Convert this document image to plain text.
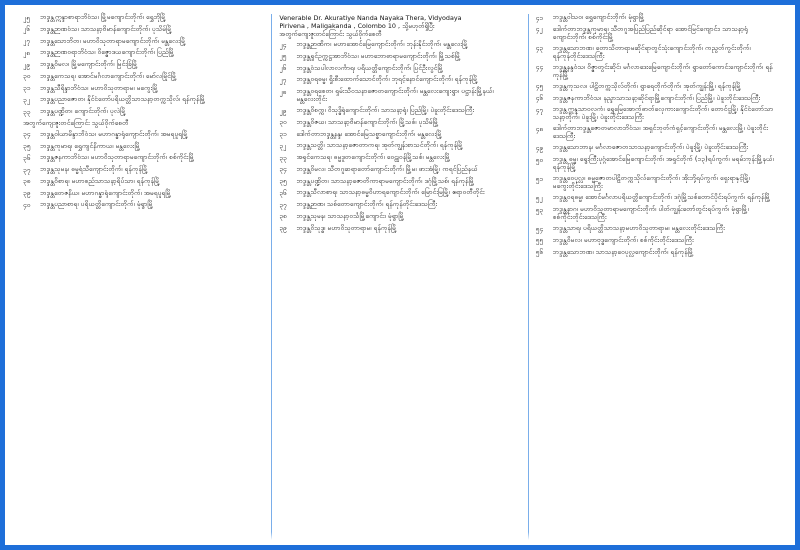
၂၅	ဘဒ္ဒန္တဣန္ဒာစာရာဘိဝံသ၊ မြို့မကျောင်းတိုက်၊ ရွှေဘိုမြို့
၂၆	ဘဒ္ဒန္တဉာဏဝံသ၊ သာသနာ့ဗိမာန်ကျောင်းတိုက်၊ ပုသိမ်မြို့
၂၇	ဘဒ္ဒန္တသောဘိတ၊ မဟာဝိသုတာရာမကျောင်းတိုက်၊ မန္တလေးမြို့
၂၈	ဘဒ္ဒန္တဉာဏဝရာဘိဝံသ၊ ဝိဇ္ဇောဒယကျောင်းတိုက်၊ ပြည်မြို့
၂၉	ဘဒ္ဒန္တဝိမလ၊ မြို့မကျောင်းတိုက်၊ မြင်းခြံမြို့
၃၀	ဘဒ္ဒန္တကေသရ၊ အောင်မင်္ဂလာကျောင်းတိုက်၊ မော်လမြိုင်မြို့
၃၁	ဘဒ္ဒန္တသီရိန္ဒာဘိဝံသ၊ မဟာဝိသုတာရာမ၊ မကွေးမြို့
၃၂	ဘဒ္ဒန္တပညာဇောတ၊ နိုင်ငံတော်ပရိယတ္တိသာသနာ့တက္ကသိုလ်၊ ရန်ကုန်မြို့
၃၃	ဘဒ္ဒန္တပဏ္ဍိတ၊ ကျောင်းတိုက်၊ ပုလဲမြို့
အတွက်ကျေးဇူးတင်ကြောင်း သွယ်ဝိုက်စေတီ
၃၄	ဘဒ္ဒန္တဝါယာမိန္ဒာဘိဝံသ၊ မဟာဂန္ဓာရုံကျောင်းတိုက်၊ အမရပူရမြို့
၃၅	ဘဒ္ဒန္တကုမာရ၊ ရွှေကျင်နိကာယ၊ မန္တလေးမြို့
၃၆	ဘဒ္ဒန္တဇနကာဘိဝံသ၊ မဟာဝိသုတာရာမကျောင်းတိုက်၊ စစ်ကိုင်းမြို့
၃၇	ဘဒ္ဒန္တသုမန၊ ဓမ္မရံသီကျောင်းတိုက်၊ ရန်ကုန်မြို့
၃၈	ဘဒ္ဒန္တဝိစာရ၊ မဟာစည်သာသနာ့ရိပ်သာ၊ ရန်ကုန်မြို့
၃၉	ဘဒ္ဒန္တတေဇနိယ၊ မဟာဂန္ဓာရုံကျောင်းတိုက်၊ အမရပူရမြို့
၄၀	ဘဒ္ဒန္တပညာစာရ၊ ပရိယတ္တိကျောင်းတိုက်၊ မုံရွာမြို့
Venerable Dr. Akuratiye Nanda Nayaka Thera, Vidyodaya
Pirivena , Maligakanda , Colombo 10 , သို့မဟုတ်ရှိပြီး
အတွက်ကျေးဇူးတင်ကြောင်း သွယ်ဝိုက်စေတီ
၂၄	ဘဒ္ဒန္တဉာဏိက၊ မဟာအောင်မြေကျောင်းတိုက်၊ ဘုန်းနိုင်းတိုက်၊ မန္တလေးမြို့
၂၅	ဘဒ္ဒန္တရှင်ဥက္ကဋ္ဌအာဘိဝံသ၊ မဟာဘောဓာရာမကျောင်းတိုက်၊ မြို့သစ်မြို့
၂၆	ဘဒ္ဒန္တဝံသပါလာလင်္ကာရ၊ ပရိယတ္တိကျောင်းတိုက်၊ ပြင်ဦးလွင်မြို့
၂၇	ဘဒ္ဒန္တဝရဓမ္မ၊ ရှိုးစီးထောက်သောင်တိုက်၊ ဘုရင့်နောင်ကျောင်းတိုက်၊ ရန်ကုန်မြို့
၂၈	ဘဒ္ဒန္တဝရစေတ၊ ရှမ်းသီဝသနာဇောတကျောင်းတိုက်၊ မန္တလေးကျေးရွာ၊ ပဋ္ဌာန်းမြို့နယ်၊ မန္တလေးတိုင်း
၂၉	ဘဒ္ဒန္တဝိစက္က၊ ဝိသုဒ္ဓိရုံကျောင်းတိုက်၊ သာသနာ့ရုံ၊ ပြည်မြို့၊ ပဲခူးတိုင်းဒေသကြီး
၃၀	ဘဒ္ဒန္တဝိဇယ၊ သာသနာ့ဗိမာန်ကျောင်းတိုက်၊ မြို့သစ်၊ ပုသိမ်မြို့
၃၁	ဒေါက်တာဘဒ္ဒန္တနန္ဒ၊ အောင်မြေသစ္စာကျောင်းတိုက်၊ မန္တလေးမြို့
၃၂	ဘဒ္ဒန္တသတ္တိ၊ သာသနာ့ဇောတာကရ၊ အုတ်ကျွန်းစာသင်တိုက်၊ ရန်ကုန်မြို့
၃၃	အရှင်ကေသရ၊ ဓမ္မဒူတကျောင်းတိုက်၊ ဝေဠုဝန်မြို့သစ်၊ မန္တလေးမြို့
၃၄	ဘဒ္ဒန္တဝိမလ၊ သီတဂူဆရာတော်ကျောင်းတိုက်၊ မြို့မ၊ ဖားအံမြို့၊ ကရင်ပြည်နယ်
၃၅	ဘဒ္ဒန္တပဏ္ဍိတ၊ သာသနာ့ဇောတိကာရာမကျောင်းတိုက်၊ ဒဂုံမြို့သစ်၊ ရန်ကုန်မြို့
၃၆	ဘဒ္ဒန္တသီလာစာရ၊ သာသနာ့ဓမ္မဝိဟာရကျောင်းတိုက်၊ မြောင်းမြမြို့၊ ဧရာဝတီတိုင်း
၃၇	ဘဒ္ဒန္တဉာဏ၊ သစ်တောကျောင်းတိုက်၊ ရန်ကုန်တိုင်းဒေသကြီး
၃၈	ဘဒ္ဒန္တသုမန၊ သာသနာ့ဝင်္သမြို့ကျောင်း၊ မုံရွာမြို့
၃၉	ဘဒ္ဒန္တဝိသုဒ္ဓ၊ မဟာဝိသုတာရာမ၊ ရန်ကုန်မြို့
၄၁	ဘဒ္ဒန္တဝါသဝ၊ ရွှေကျောင်းတိုက်၊ မုံရွာမြို့
၄၂	ဒေါက်တာဘဒ္ဒန္တကုမာရ၊ သီတဂူအပြည်ပြည်ဆိုင်ရာ အောင်မြင်ကျောင်း၊ သာသနာ့ရုံကျောင်းတိုက်၊ စစ်ကိုင်းမြို့
၄၃	ဘဒ္ဒန္တသောဘဏ၊ တောသိတာရာမဆိုင်ရာတွင်သုံးကျောင်းတိုက်၊ ကညွတ်ကွင်းတိုက်၊ ရန်ကုန်တိုင်းဒေသကြီး
၄၄	ဘဒ္ဒန္တနန္ဒဝံသ၊ ဝိဇ္ဇာတွင်းဆိုင်၊ မင်္ဂလာဒေးမြေကျောင်းတိုက်၊ ရွာတော်ကောင်းကျောင်းတိုက်၊ ရန်ကုန်မြို့
၄၅	ဘဒ္ဒန္တကုသလ၊ ပါဠိတက္ကသိုလ်တိုက်၊ ရွာရေတိုက်တိုက်၊ အုတ်ကျွန်းမြို့၊ ရန်ကုန်မြို့
၄၆	ဘဒ္ဒန္တဇနကာဘိဝံသ၊ နည္ဒာသာသနာ့ဆိုင်ရာမြို့ကျောင်းတိုက်၊ ပြည်မြို့၊ ပဲခူးတိုင်းဒေသကြီး
၄၇	ဘဒ္ဒန္တဣန္ဒသာဝလကံ၊ ရွှေမြေအောက်ဓာတ်လှေကားကျောင်းတိုက်၊ တောင်ငူမြို့၊ နိုင်ငံတော်သာသနာ့တိုက်၊ ပဲခူးမြို့၊ ပဲခူးတိုင်းဒေသကြီး
၄၈	ဒေါက်တာဘဒ္ဒန္တဇောတမာလာဘိဝံသ၊ အရှင်ဘုတ်ကံရှင့်ကျောင်းတိုက်၊ မန္တလေးမြို့၊ ပဲခူးတိုင်းဒေသကြီး
၄၉	ဘဒ္ဒန္တသောဘာန၊ မင်္ဂလာဇောတသာသနာ့ကျောင်းတိုက်၊ ပဲခူးမြို့၊ ပဲခူးတိုင်းဒေသကြီး
၅၀	ဘဒ္ဒန္တ ဓမ္မ၊ ရွေးကြီးပုဂ္ဂံအောင်မြေကျောင်းတိုက်၊ အရှင်တိုက် (၁၃)ရပ်ကွက်၊ မရမ်းကုန်းမြို့နယ်၊ ရန်ကုန်မြို့
၅၁	ဘဒ္ဒန္တဝေပုလ္လ၊ ဓမ္မဇောတပါဠိတက္ကသိုလ်ကျောင်းတိုက်၊ အိုးဘို့ရပ်ကွက်၊ ရှေးရာနှင့်မြို့၊ မကွေးတိုင်းဒေသကြီး
၅၂	ဘဒ္ဒန္တဝရဓမ္မ၊ အောင်မင်္ဂလာပရိယတ္တိကျောင်းတိုက်၊ ဒဂုံမြို့သစ်တောင်ပိုင်းရပ်ကွက်၊ ရန်ကုန်မြို့
၅၃	ဘဒ္ဒန္တနာဂ၊ မဟာဝိသုတာရာမကျောင်းတိုက်၊ ပါတ်ကျွန်းတော်တွင်းရပ်ကွက်၊ မုံရွာမြို့၊ စစ်ကိုင်းတိုင်းဒေသကြီး
၅၄	ဘဒ္ဒန္တသာရ၊ ပရိယတ္တိသာသနာ့မဟာဝိသုတာရာမ၊ မန္တလေးတိုင်းဒေသကြီး
၅၅	ဘဒ္ဒန္တဝိမလ၊ မဟာဗုဒ္ဓကျောင်းတိုက်၊ စစ်ကိုင်းတိုင်းဒေသကြီး
၅၆	ဘဒ္ဒန္တသောဘဏ၊ သာသနာ့ဝေပုလ္လကျောင်းတိုက်၊ ရန်ကုန်မြို့
